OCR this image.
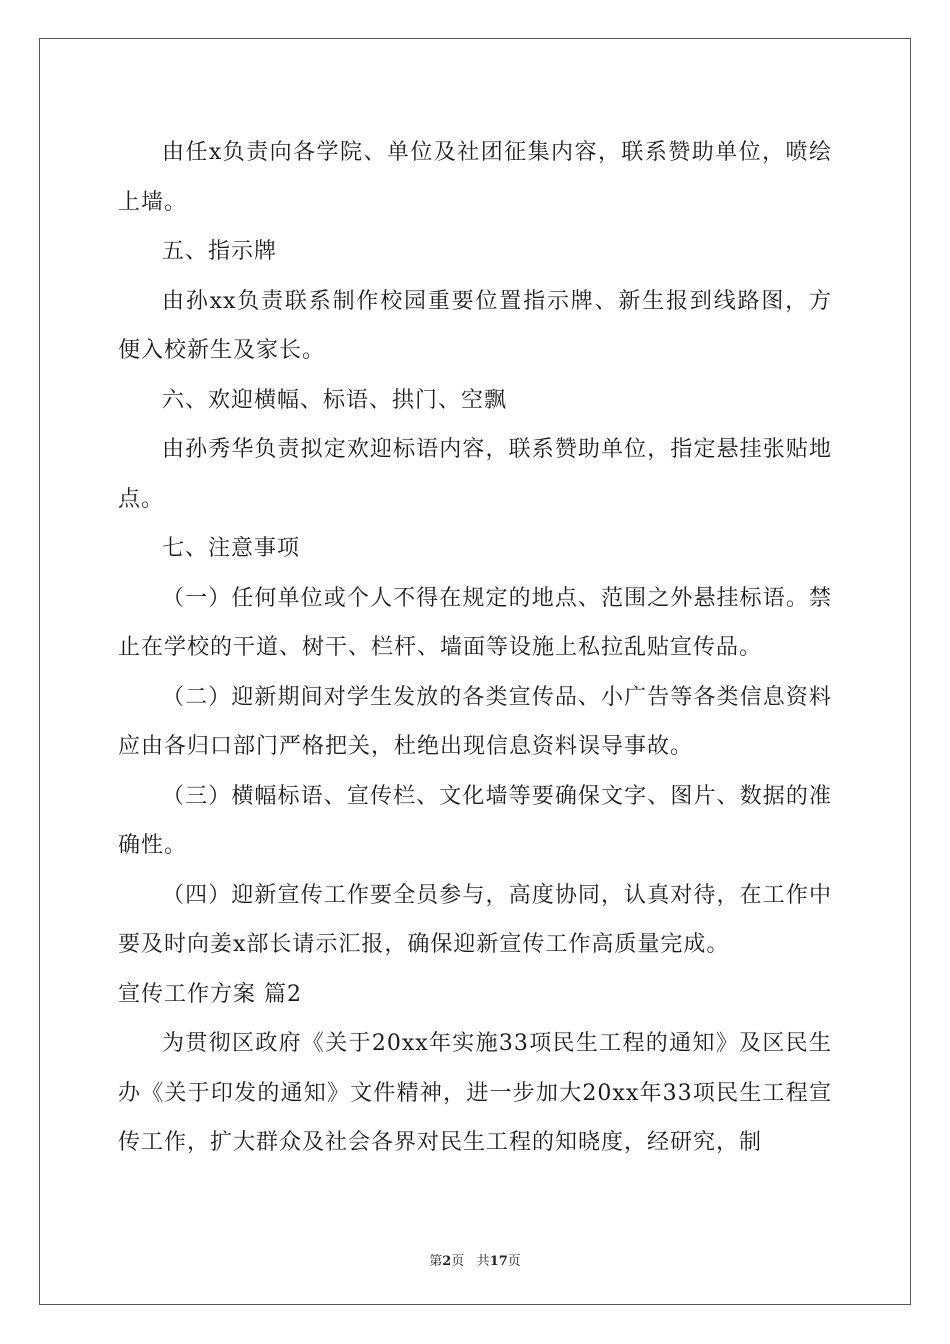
由任x负责向各学院、单位及社团征集内容，联系赞助单位，喷绘上墙。

五、指示牌

由孙xx负责联系制作校园重要位置指示牌、新生报到线路图，方便入校新生及家长。

六、欢迎横幅、标语、拱门、空飘

由孙秀华负责拟定欢迎标语内容，联系赞助单位，指定悬挂张贴地点。

七、注意事项

（一）任何单位或个人不得在规定的地点、范围之外悬挂标语。禁止在学校的干道、树干、栏杆、墙面等设施上私拉乱贴宣传品。

（二）迎新期间对学生发放的各类宣传品、小广告等各类信息资料应由各归口部门严格把关，杜绝出现信息资料误导事故。

（三）横幅标语、宣传栏、文化墙等要确保文字、图片、数据的准确性。

（四）迎新宣传工作要全员参与，高度协同，认真对待，在工作中要及时向姜x部长请示汇报，确保迎新宣传工作高质量完成。

宣传工作方案 篇2

为贯彻区政府《关于20xx年实施33项民生工程的通知》及区民生办《关于印发的通知》文件精神，进一步加大20xx年33项民生工程宣传工作，扩大群众及社会各界对民生工程的知晓度，经研究，制

第2页 共17页
